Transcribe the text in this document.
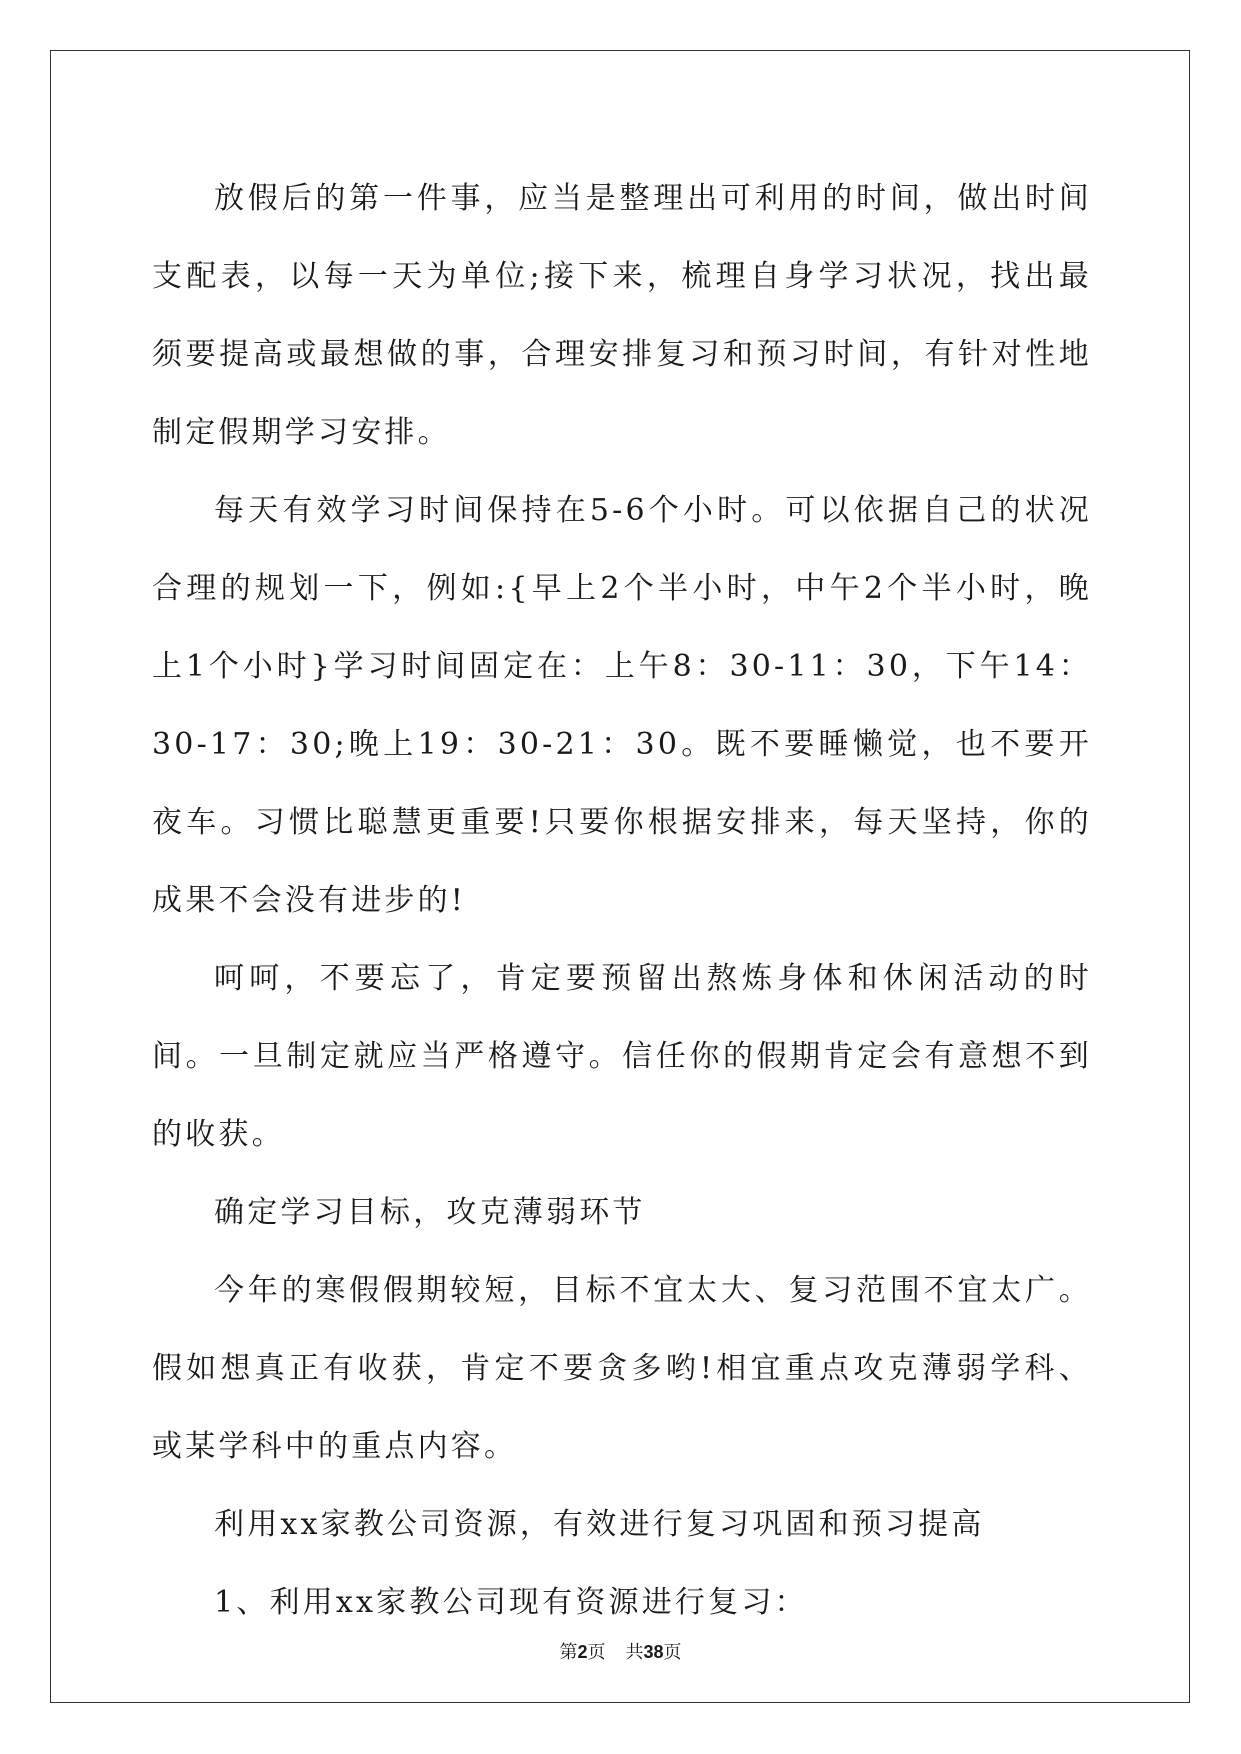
放假后的第一件事，应当是整理出可利用的时间，做出时间支配表，以每一天为单位;接下来，梳理自身学习状况，找出最须要提高或最想做的事，合理安排复习和预习时间，有针对性地制定假期学习安排。

每天有效学习时间保持在5-6个小时。可以依据自己的状况合理的规划一下，例如:{早上2个半小时，中午2个半小时，晚上1个小时}学习时间固定在：上午8：30-11：30，下午14：30-17：30;晚上19：30-21：30。既不要睡懒觉，也不要开夜车。习惯比聪慧更重要!只要你根据安排来，每天坚持，你的成果不会没有进步的!

呵呵，不要忘了，肯定要预留出熬炼身体和休闲活动的时间。一旦制定就应当严格遵守。信任你的假期肯定会有意想不到的收获。

确定学习目标，攻克薄弱环节

今年的寒假假期较短，目标不宜太大、复习范围不宜太广。假如想真正有收获，肯定不要贪多哟!相宜重点攻克薄弱学科、或某学科中的重点内容。

利用xx家教公司资源，有效进行复习巩固和预习提高

1、利用xx家教公司现有资源进行复习：

第2页 共38页
